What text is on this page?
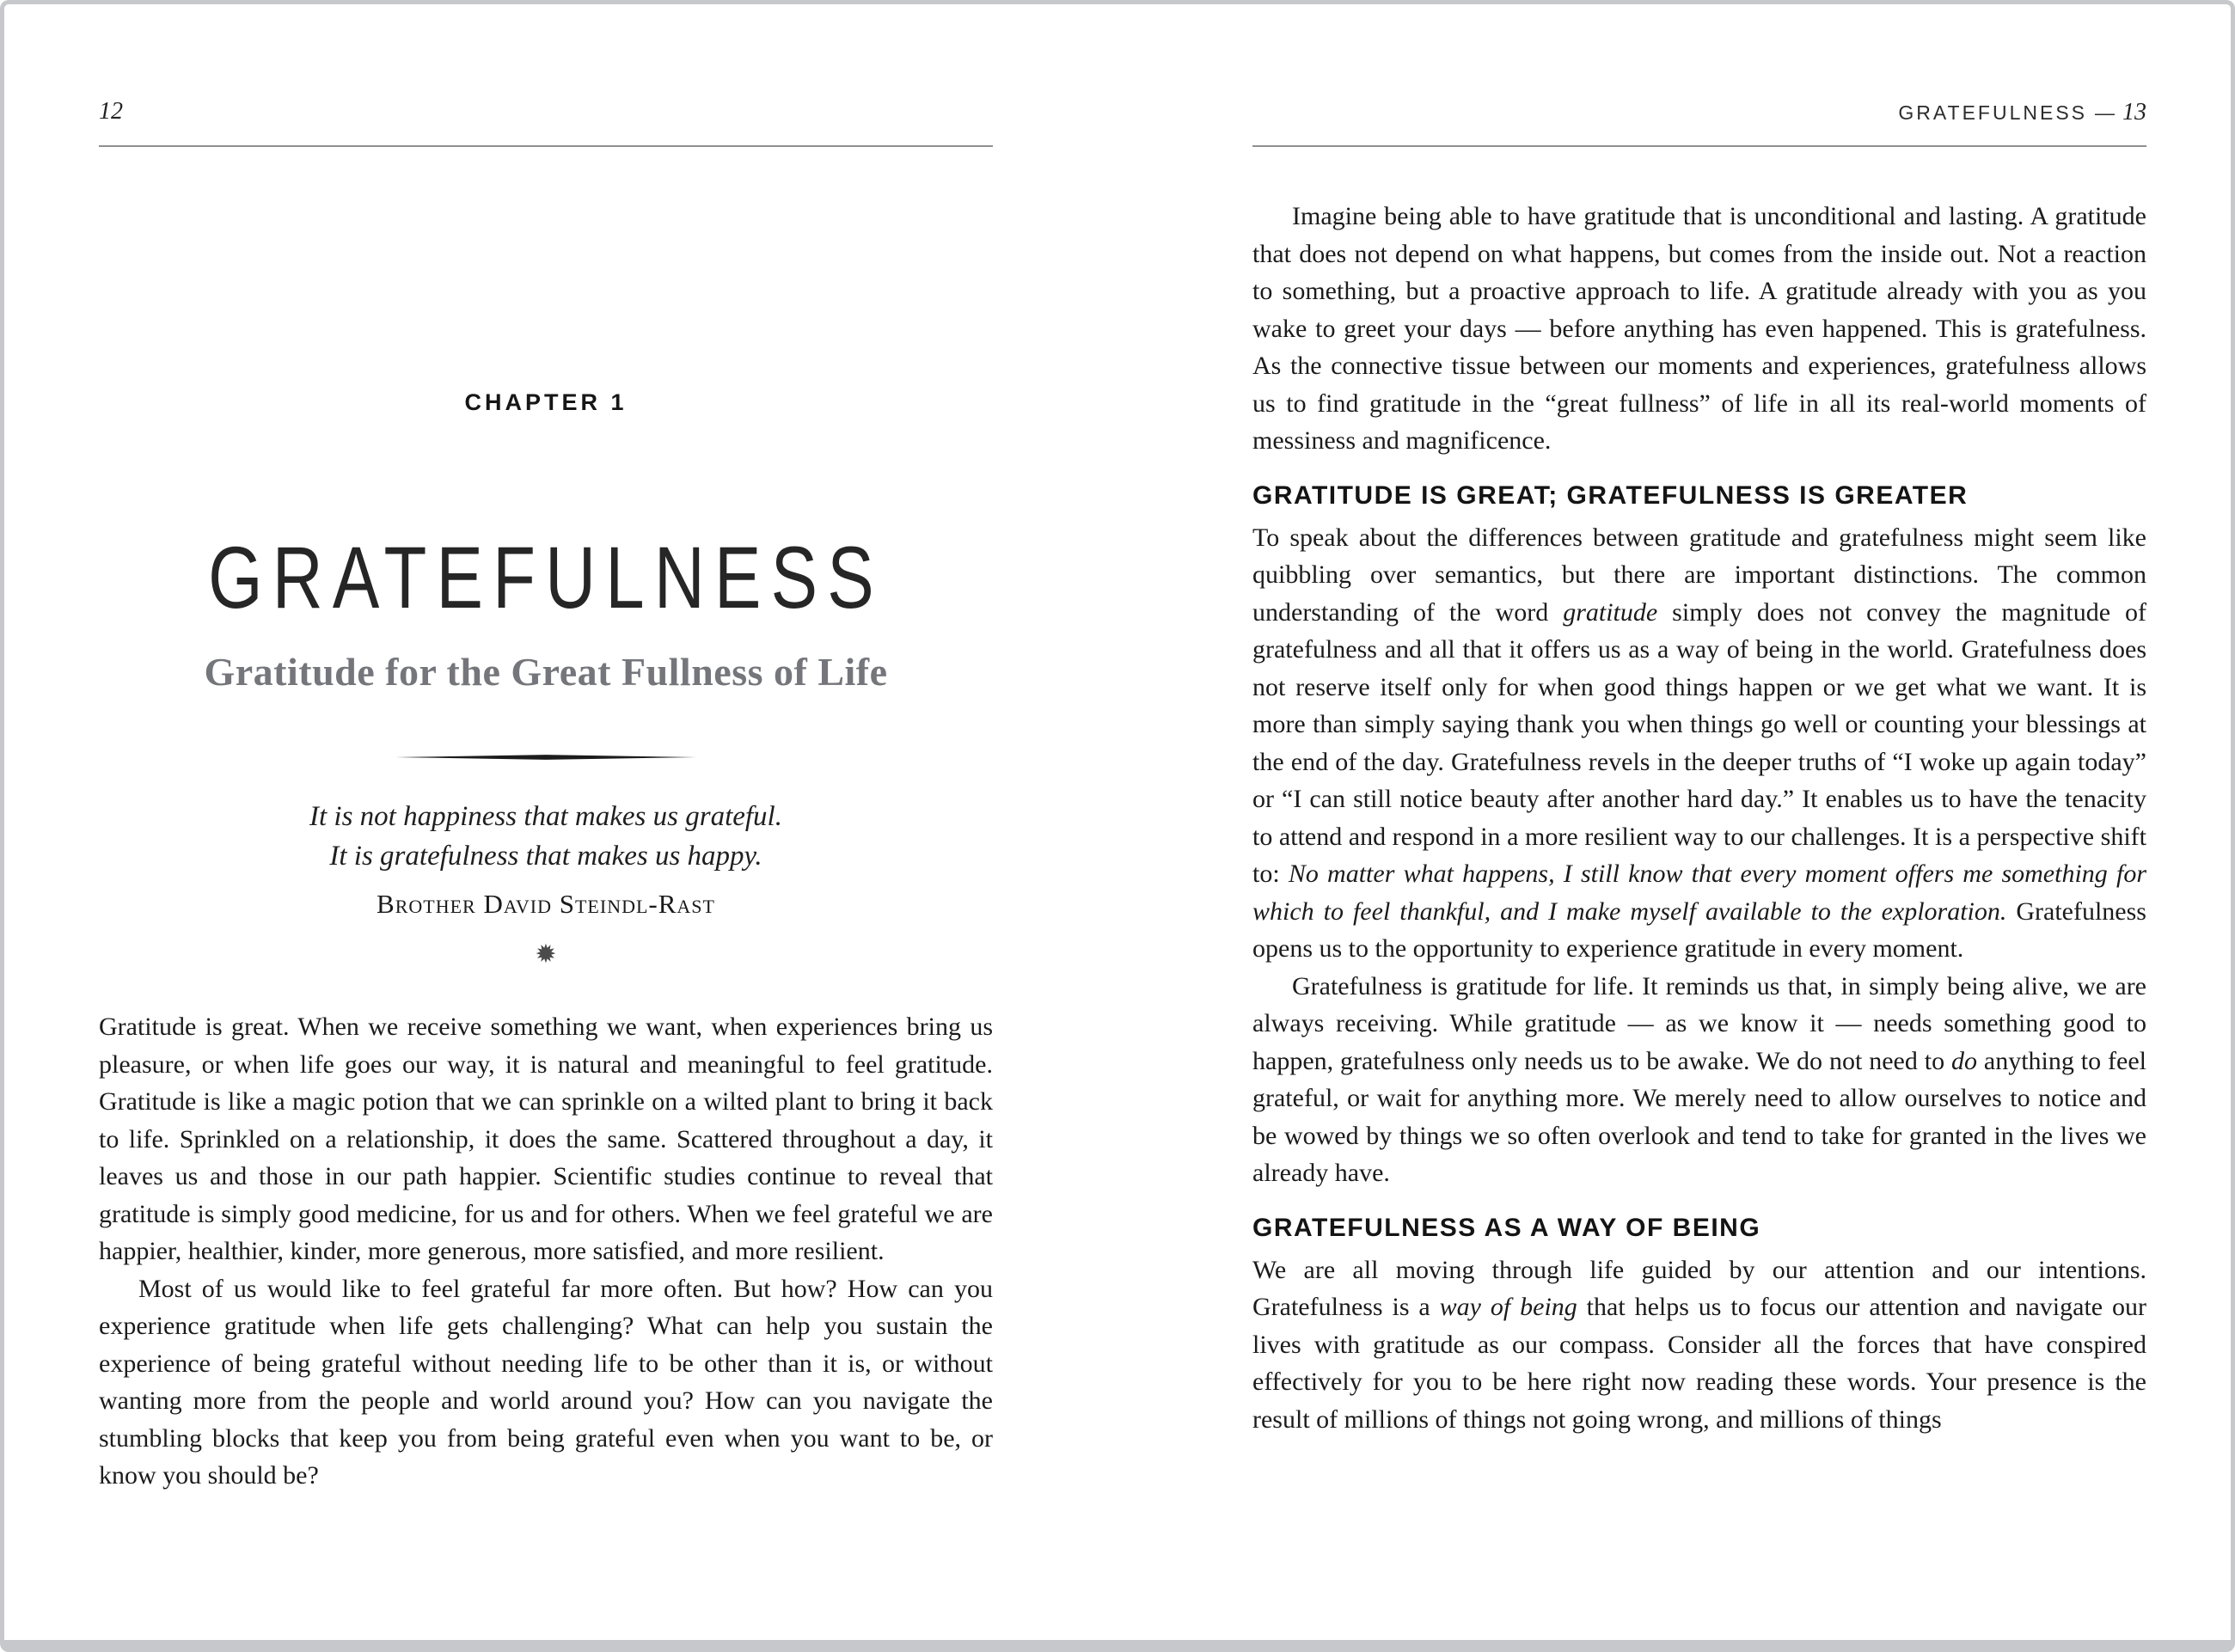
12	GRATEFULNESS — 13
CHAPTER 1
GRATEFULNESS
Gratitude for the Great Fullness of Life
It is not happiness that makes us grateful.
It is gratefulness that makes us happy.
Brother David Steindl-Rast
✹

Gratitude is great. When we receive something we want, when experiences bring us pleasure, or when life goes our way, it is natural and meaningful to feel gratitude. Gratitude is like a magic potion that we can sprinkle on a wilted plant to bring it back to life. Sprinkled on a relationship, it does the same. Scattered throughout a day, it leaves us and those in our path happier. Scientific studies continue to reveal that gratitude is simply good medicine, for us and for others. When we feel grateful we are happier, healthier, kinder, more generous, more satisfied, and more resilient.

Most of us would like to feel grateful far more often. But how? How can you experience gratitude when life gets challenging? What can help you sustain the experience of being grateful without needing life to be other than it is, or without wanting more from the people and world around you? How can you navigate the stumbling blocks that keep you from being grateful even when you want to be, or know you should be?

Imagine being able to have gratitude that is unconditional and lasting. A gratitude that does not depend on what happens, but comes from the inside out. Not a reaction to something, but a proactive approach to life. A gratitude already with you as you wake to greet your days — before anything has even happened. This is gratefulness. As the connective tissue between our moments and experiences, gratefulness allows us to find gratitude in the “great fullness” of life in all its real-world moments of messiness and magnificence.

GRATITUDE IS GREAT; GRATEFULNESS IS GREATER

To speak about the differences between gratitude and gratefulness might seem like quibbling over semantics, but there are important distinctions. The common understanding of the word gratitude simply does not convey the magnitude of gratefulness and all that it offers us as a way of being in the world. Gratefulness does not reserve itself only for when good things happen or we get what we want. It is more than simply saying thank you when things go well or counting your blessings at the end of the day. Gratefulness revels in the deeper truths of “I woke up again today” or “I can still notice beauty after another hard day.” It enables us to have the tenacity to attend and respond in a more resilient way to our challenges. It is a perspective shift to: No matter what happens, I still know that every moment offers me something for which to feel thankful, and I make myself available to the exploration. Gratefulness opens us to the opportunity to experience gratitude in every moment.

Gratefulness is gratitude for life. It reminds us that, in simply being alive, we are always receiving. While gratitude — as we know it — needs something good to happen, gratefulness only needs us to be awake. We do not need to do anything to feel grateful, or wait for anything more. We merely need to allow ourselves to notice and be wowed by things we so often overlook and tend to take for granted in the lives we already have.

GRATEFULNESS AS A WAY OF BEING

We are all moving through life guided by our attention and our intentions. Gratefulness is a way of being that helps us to focus our attention and navigate our lives with gratitude as our compass. Consider all the forces that have conspired effectively for you to be here right now reading these words. Your presence is the result of millions of things not going wrong, and millions of things
